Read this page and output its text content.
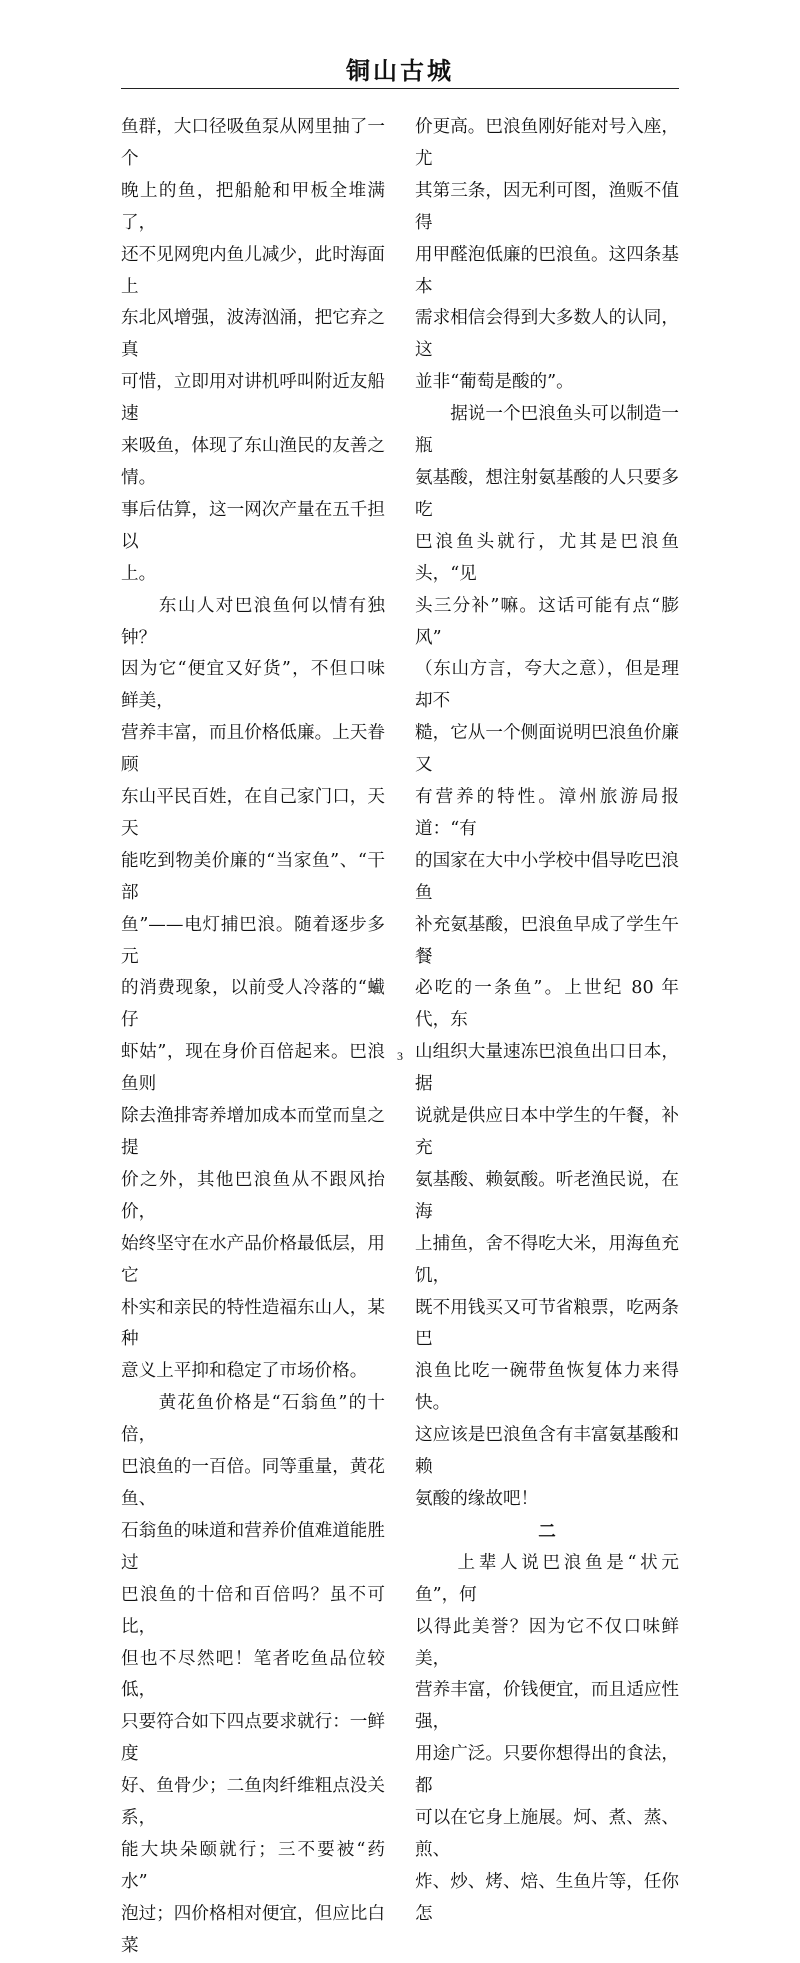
铜山古城

鱼群，大口径吸鱼泵从网里抽了一个
晚上的鱼，把船舱和甲板全堆满了，
还不见网兜内鱼儿减少，此时海面上
东北风增强，波涛汹涌，把它弃之真
可惜，立即用对讲机呼叫附近友船速
来吸鱼，体现了东山渔民的友善之情。
事后估算，这一网次产量在五千担以
上。

　　东山人对巴浪鱼何以情有独钟？
因为它“便宜又好货”，不但口味鲜美，
营养丰富，而且价格低廉。上天眷顾
东山平民百姓，在自己家门口，天天
能吃到物美价廉的“当家鱼”、“干部
鱼”——电灯捕巴浪。随着逐步多元
的消费现象，以前受人冷落的“蠘仔
虾姑”，现在身价百倍起来。巴浪鱼则
除去渔排寄养增加成本而堂而皇之提
价之外，其他巴浪鱼从不跟风抬价，
始终坚守在水产品价格最低层，用它
朴实和亲民的特性造福东山人，某种
意义上平抑和稳定了市场价格。

　　黄花鱼价格是“石翁鱼”的十倍，
巴浪鱼的一百倍。同等重量，黄花鱼、
石翁鱼的味道和营养价值难道能胜过
巴浪鱼的十倍和百倍吗？虽不可比，
但也不尽然吧！笔者吃鱼品位较低，
只要符合如下四点要求就行：一鲜度
好、鱼骨少；二鱼肉纤维粗点没关系，
能大块朵颐就行；三不要被“药水”
泡过；四价格相对便宜，但应比白菜

价更高。巴浪鱼刚好能对号入座，尤
其第三条，因无利可图，渔贩不值得
用甲醛泡低廉的巴浪鱼。这四条基本
需求相信会得到大多数人的认同，这
並非“葡萄是酸的”。

　　据说一个巴浪鱼头可以制造一瓶
氨基酸，想注射氨基酸的人只要多吃
巴浪鱼头就行，尤其是巴浪鱼头，“见
头三分补”嘛。这话可能有点“膨风”
（东山方言，夸大之意），但是理却不
糙，它从一个侧面说明巴浪鱼价廉又
有营养的特性。漳州旅游局报道：“有
的国家在大中小学校中倡导吃巴浪鱼
补充氨基酸，巴浪鱼早成了学生午餐
必吃的一条鱼”。上世纪 80 年代，东
山组织大量速冻巴浪鱼出口日本，据
说就是供应日本中学生的午餐，补充
氨基酸、赖氨酸。听老渔民说，在海
上捕鱼，舍不得吃大米，用海鱼充饥，
既不用钱买又可节省粮票，吃两条巴
浪鱼比吃一碗带鱼恢复体力来得快。
这应该是巴浪鱼含有丰富氨基酸和赖
氨酸的缘故吧！

二

　　上辈人说巴浪鱼是“状元鱼”，何
以得此美誉？因为它不仅口味鲜美，
营养丰富，价钱便宜，而且适应性强，
用途广泛。只要你想得出的食法，都
可以在它身上施展。炣、煮、蒸、煎、
炸、炒、烤、焙、生鱼片等，任你怎

3
